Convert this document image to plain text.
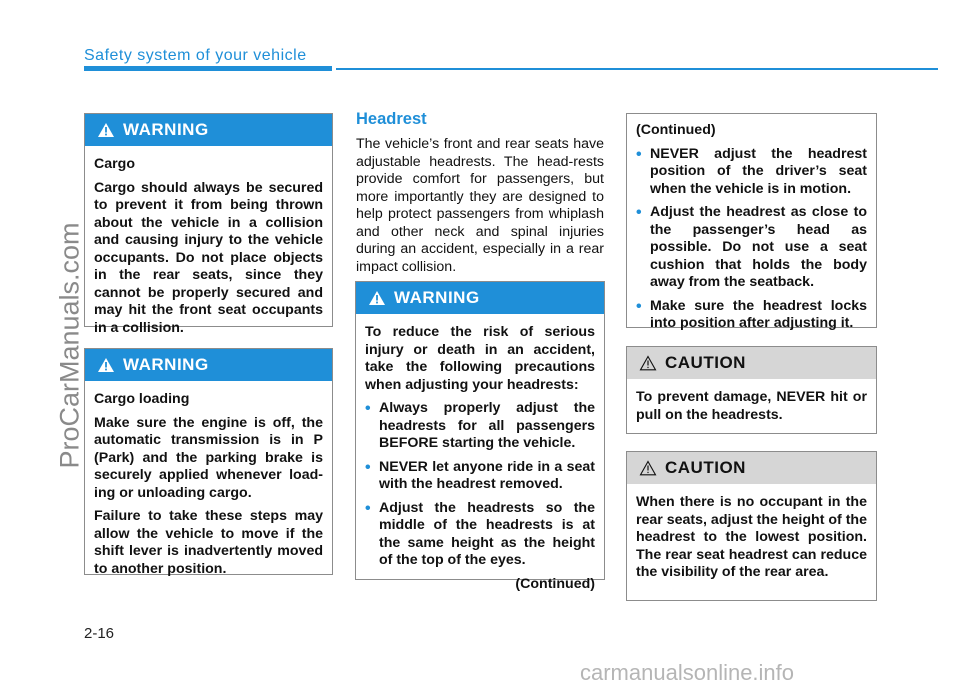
Safety system of your vehicle
ProCarManuals.com
WARNING

Cargo

Cargo should always be secured to prevent it from being thrown about the vehicle in a collision and causing injury to the vehicle occupants. Do not place objects in the rear seats, since they cannot be properly secured and may hit the front seat occupants in a collision.

WARNING

Cargo loading

Make sure the engine is off, the automatic transmission is in P (Park) and the parking brake is securely applied whenever load-ing or unloading cargo.

Failure to take these steps may allow the vehicle to move if the shift lever is inadvertently moved to another position.

Headrest
The vehicle’s front and rear seats have adjustable headrests. The head-rests provide comfort for passengers, but more importantly they are designed to help protect passengers from whiplash and other neck and spinal injuries during an accident, especially in a rear impact collision.
WARNING

To reduce the risk of serious injury or death in an accident, take the following precautions when adjusting your headrests:

• Always properly adjust the headrests for all passengers BEFORE starting the vehicle.
• NEVER let anyone ride in a seat with the headrest removed.
• Adjust the headrests so the middle of the headrests is at the same height as the height of the top of the eyes.

(Continued)

(Continued)

• NEVER adjust the headrest position of the driver’s seat when the vehicle is in motion.
• Adjust the headrest as close to the passenger’s head as possible. Do not use a seat cushion that holds the body away from the seatback.
• Make sure the headrest locks into position after adjusting it.
CAUTION

To prevent damage, NEVER hit or pull on the headrests.

CAUTION

When there is no occupant in the rear seats, adjust the height of the headrest to the lowest position. The rear seat headrest can reduce the visibility of the rear area.

2-16
carmanualsonline.info
